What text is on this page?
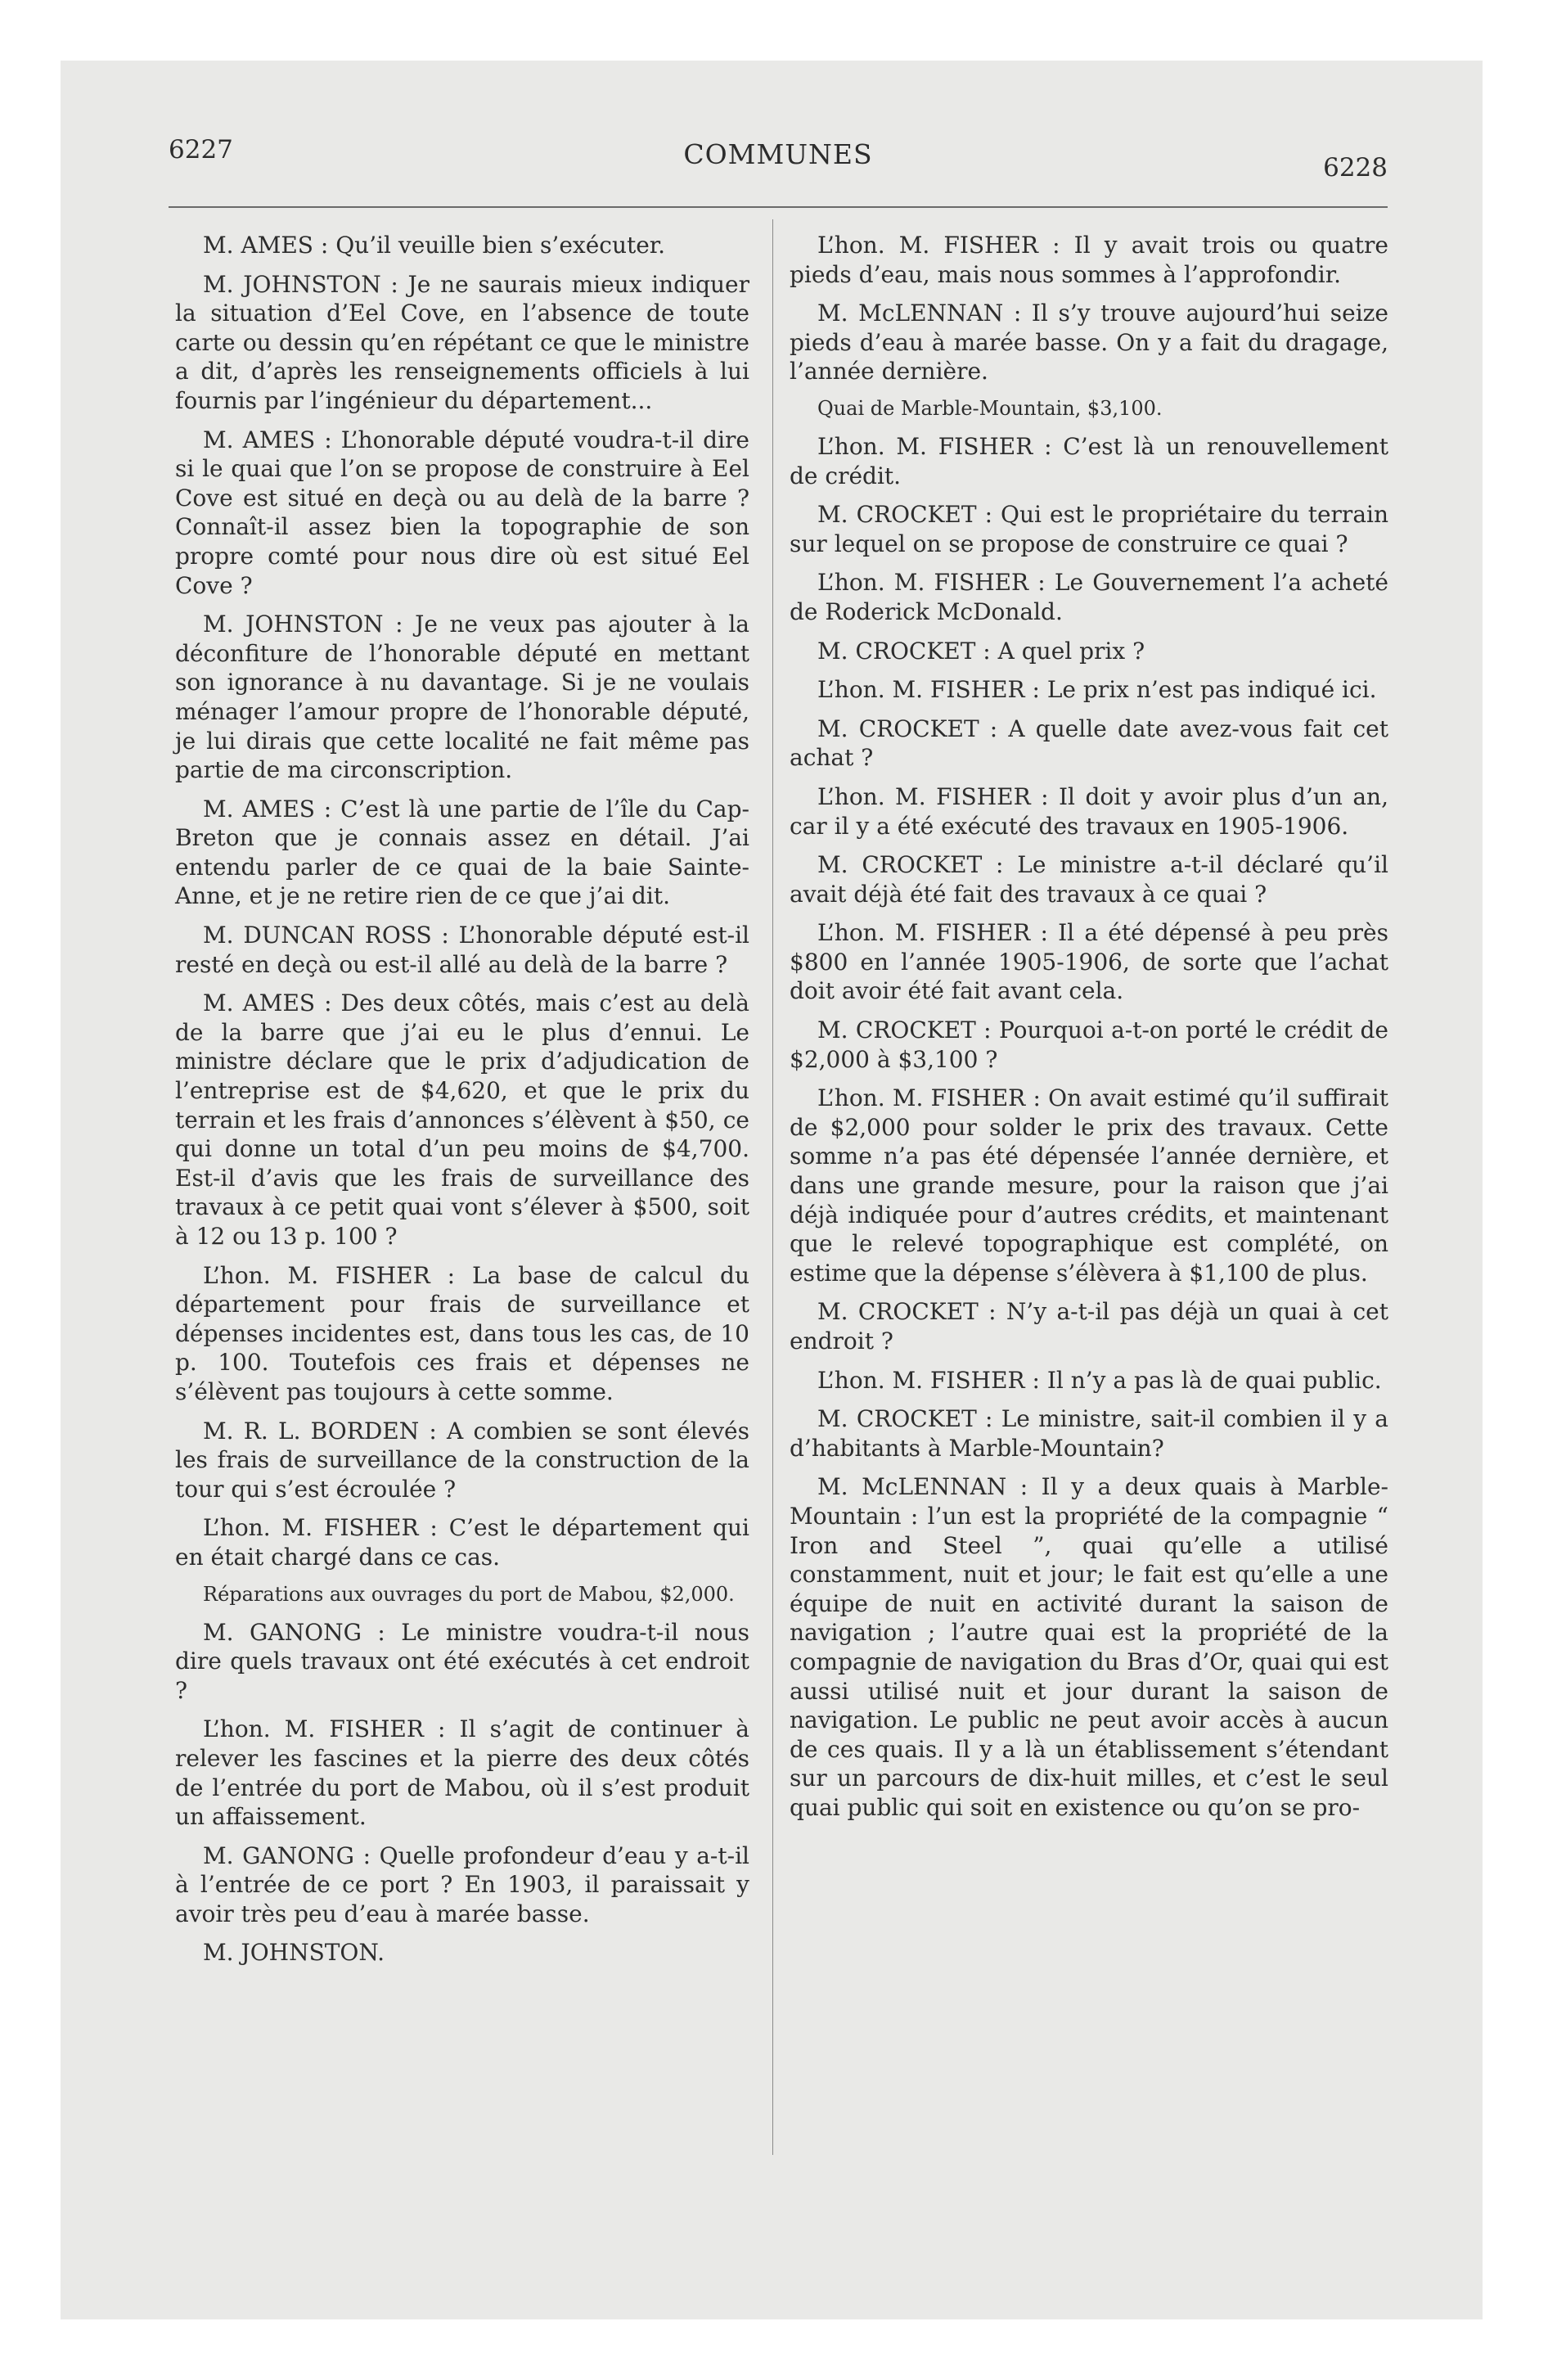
6227	COMMUNES	6228

M. AMES : Qu’il veuille bien s’exécuter.

M. JOHNSTON : Je ne saurais mieux indiquer la situation d’Eel Cove, en l’absence de toute carte ou dessin qu’en répétant ce que le ministre a dit, d’après les renseignements officiels à lui fournis par l’ingénieur du département...

M. AMES : L’honorable député voudra-t-il dire si le quai que l’on se propose de construire à Eel Cove est situé en deçà ou au delà de la barre ? Connaît-il assez bien la topographie de son propre comté pour nous dire où est situé Eel Cove ?

M. JOHNSTON : Je ne veux pas ajouter à la déconfiture de l’honorable député en mettant son ignorance à nu davantage. Si je ne voulais ménager l’amour propre de l’honorable député, je lui dirais que cette localité ne fait même pas partie de ma circonscription.

M. AMES : C’est là une partie de l’île du Cap-Breton que je connais assez en détail. J’ai entendu parler de ce quai de la baie Sainte-Anne, et je ne retire rien de ce que j’ai dit.

M. DUNCAN ROSS : L’honorable député est-il resté en deçà ou est-il allé au delà de la barre ?

M. AMES : Des deux côtés, mais c’est au delà de la barre que j’ai eu le plus d’ennui. Le ministre déclare que le prix d’adjudication de l’entreprise est de $4,620, et que le prix du terrain et les frais d’annonces s’élèvent à $50, ce qui donne un total d’un peu moins de $4,700. Est-il d’avis que les frais de surveillance des travaux à ce petit quai vont s’élever à $500, soit à 12 ou 13 p. 100 ?

L’hon. M. FISHER : La base de calcul du département pour frais de surveillance et dépenses incidentes est, dans tous les cas, de 10 p. 100. Toutefois ces frais et dépenses ne s’élèvent pas toujours à cette somme.

M. R. L. BORDEN : A combien se sont élevés les frais de surveillance de la construction de la tour qui s’est écroulée ?

L’hon. M. FISHER : C’est le département qui en était chargé dans ce cas.

Réparations aux ouvrages du port de Mabou, $2,000.

M. GANONG : Le ministre voudra-t-il nous dire quels travaux ont été exécutés à cet endroit ?

L’hon. M. FISHER : Il s’agit de continuer à relever les fascines et la pierre des deux côtés de l’entrée du port de Mabou, où il s’est produit un affaissement.

M. GANONG : Quelle profondeur d’eau y a-t-il à l’entrée de ce port ? En 1903, il paraissait y avoir très peu d’eau à marée basse.

M. JOHNSTON.

L’hon. M. FISHER : Il y avait trois ou quatre pieds d’eau, mais nous sommes à l’approfondir.

M. McLENNAN : Il s’y trouve aujourd’hui seize pieds d’eau à marée basse. On y a fait du dragage, l’année dernière.

Quai de Marble-Mountain, $3,100.

L’hon. M. FISHER : C’est là un renouvellement de crédit.

M. CROCKET : Qui est le propriétaire du terrain sur lequel on se propose de construire ce quai ?

L’hon. M. FISHER : Le Gouvernement l’a acheté de Roderick McDonald.

M. CROCKET : A quel prix ?

L’hon. M. FISHER : Le prix n’est pas indiqué ici.

M. CROCKET : A quelle date avez-vous fait cet achat ?

L’hon. M. FISHER : Il doit y avoir plus d’un an, car il y a été exécuté des travaux en 1905-1906.

M. CROCKET : Le ministre a-t-il déclaré qu’il avait déjà été fait des travaux à ce quai ?

L’hon. M. FISHER : Il a été dépensé à peu près $800 en l’année 1905-1906, de sorte que l’achat doit avoir été fait avant cela.

M. CROCKET : Pourquoi a-t-on porté le crédit de $2,000 à $3,100 ?

L’hon. M. FISHER : On avait estimé qu’il suffirait de $2,000 pour solder le prix des travaux. Cette somme n’a pas été dépensée l’année dernière, et dans une grande mesure, pour la raison que j’ai déjà indiquée pour d’autres crédits, et maintenant que le relevé topographique est complété, on estime que la dépense s’élèvera à $1,100 de plus.

M. CROCKET : N’y a-t-il pas déjà un quai à cet endroit ?

L’hon. M. FISHER : Il n’y a pas là de quai public.

M. CROCKET : Le ministre, sait-il combien il y a d’habitants à Marble-Mountain?

M. McLENNAN : Il y a deux quais à Marble-Mountain : l’un est la propriété de la compagnie “ Iron and Steel ”, quai qu’elle a utilisé constamment, nuit et jour; le fait est qu’elle a une équipe de nuit en activité durant la saison de navigation ; l’autre quai est la propriété de la compagnie de navigation du Bras d’Or, quai qui est aussi utilisé nuit et jour durant la saison de navigation. Le public ne peut avoir accès à aucun de ces quais. Il y a là un établissement s’étendant sur un parcours de dix-huit milles, et c’est le seul quai public qui soit en existence ou qu’on se pro-
